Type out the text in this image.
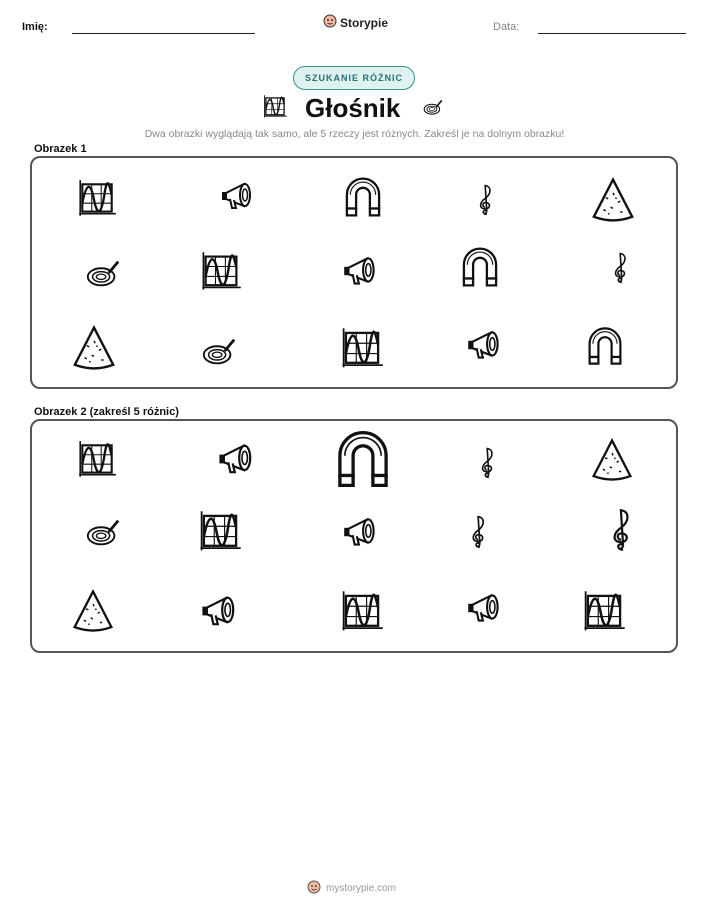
Imię:	Storypie	Data:
SZUKANIE RÓŻNIC
Głośnik
Dwa obrazki wyglądają tak samo, ale 5 rzeczy jest różnych. Zakreśl je na dolnym obrazku!
Obrazek 1
Obrazek 2 (zakreśl 5 różnic)
mystorypie.com
